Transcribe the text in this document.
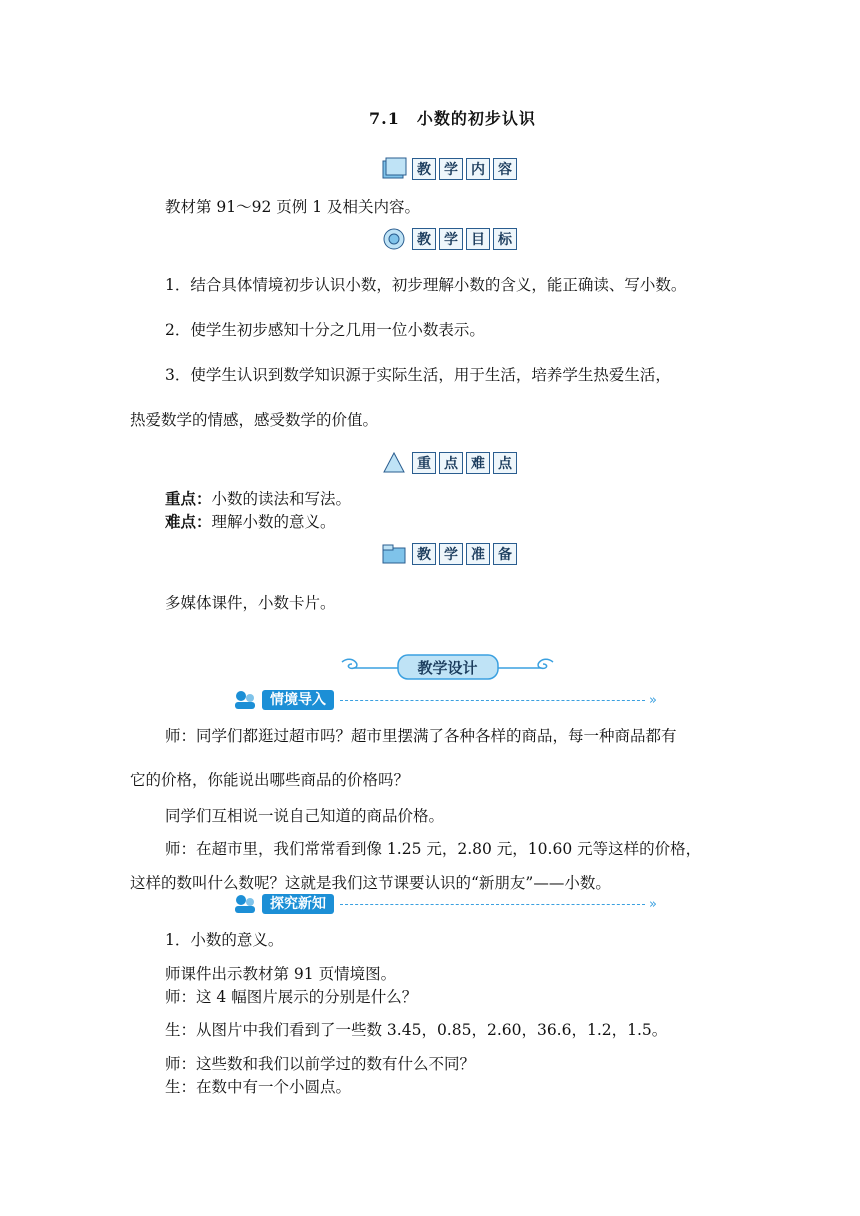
7.1　小数的初步认识
教 学 内 容
教材第 91～92 页例 1 及相关内容。
教 学 目 标
1．结合具体情境初步认识小数，初步理解小数的含义，能正确读、写小数。
2．使学生初步感知十分之几用一位小数表示。
3．使学生认识到数学知识源于实际生活，用于生活，培养学生热爱生活，
热爱数学的情感，感受数学的价值。
重 点 难 点
重点：小数的读法和写法。
难点：理解小数的意义。
教 学 准 备
多媒体课件，小数卡片。
教学设计
情境导入	»
师：同学们都逛过超市吗？超市里摆满了各种各样的商品，每一种商品都有
它的价格，你能说出哪些商品的价格吗？
同学们互相说一说自己知道的商品价格。
师：在超市里，我们常常看到像 1.25 元，2.80 元，10.60 元等这样的价格，
这样的数叫什么数呢？这就是我们这节课要认识的“新朋友”——小数。
探究新知	»
1．小数的意义。
师课件出示教材第 91 页情境图。
师：这 4 幅图片展示的分别是什么？
生：从图片中我们看到了一些数 3.45，0.85，2.60，36.6，1.2，1.5。
师：这些数和我们以前学过的数有什么不同？
生：在数中有一个小圆点。
